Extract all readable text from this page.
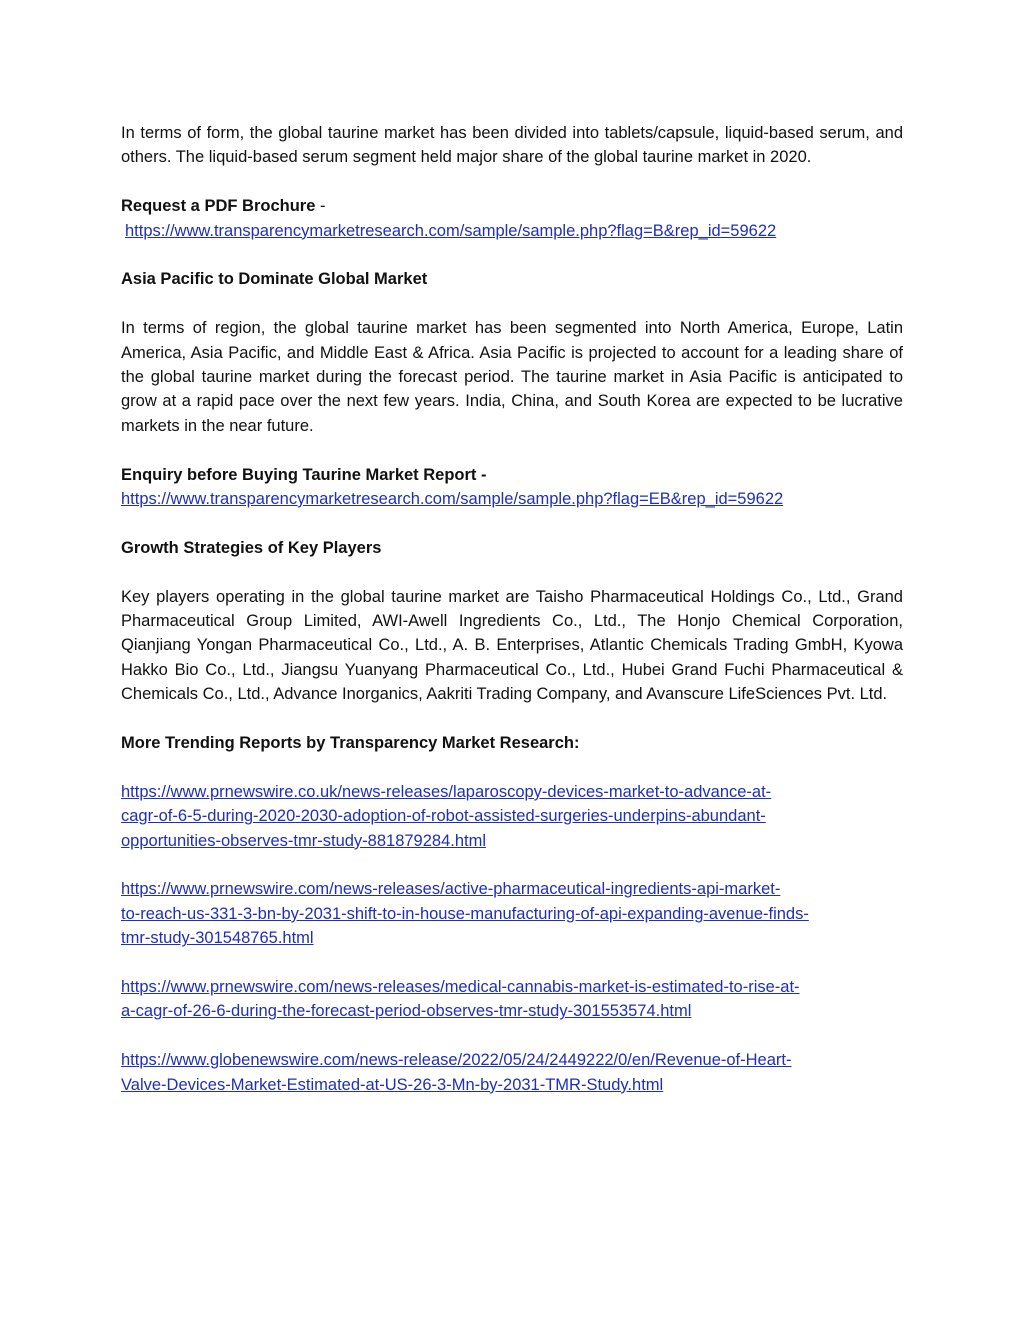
In terms of form, the global taurine market has been divided into tablets/capsule, liquid-based serum, and others. The liquid-based serum segment held major share of the global taurine market in 2020.

Request a PDF Brochure -
https://www.transparencymarketresearch.com/sample/sample.php?flag=B&rep_id=59622

Asia Pacific to Dominate Global Market

In terms of region, the global taurine market has been segmented into North America, Europe, Latin America, Asia Pacific, and Middle East & Africa. Asia Pacific is projected to account for a leading share of the global taurine market during the forecast period. The taurine market in Asia Pacific is anticipated to grow at a rapid pace over the next few years. India, China, and South Korea are expected to be lucrative markets in the near future.

Enquiry before Buying Taurine Market Report -
https://www.transparencymarketresearch.com/sample/sample.php?flag=EB&rep_id=59622

Growth Strategies of Key Players

Key players operating in the global taurine market are Taisho Pharmaceutical Holdings Co., Ltd., Grand Pharmaceutical Group Limited, AWI-Awell Ingredients Co., Ltd., The Honjo Chemical Corporation, Qianjiang Yongan Pharmaceutical Co., Ltd., A. B. Enterprises, Atlantic Chemicals Trading GmbH, Kyowa Hakko Bio Co., Ltd., Jiangsu Yuanyang Pharmaceutical Co., Ltd., Hubei Grand Fuchi Pharmaceutical & Chemicals Co., Ltd., Advance Inorganics, Aakriti Trading Company, and Avanscure LifeSciences Pvt. Ltd.

More Trending Reports by Transparency Market Research:

https://www.prnewswire.co.uk/news-releases/laparoscopy-devices-market-to-advance-at-
cagr-of-6-5-during-2020-2030-adoption-of-robot-assisted-surgeries-underpins-abundant-
opportunities-observes-tmr-study-881879284.html
https://www.prnewswire.com/news-releases/active-pharmaceutical-ingredients-api-market-
to-reach-us-331-3-bn-by-2031-shift-to-in-house-manufacturing-of-api-expanding-avenue-finds-
tmr-study-301548765.html
https://www.prnewswire.com/news-releases/medical-cannabis-market-is-estimated-to-rise-at-
a-cagr-of-26-6-during-the-forecast-period-observes-tmr-study-301553574.html
https://www.globenewswire.com/news-release/2022/05/24/2449222/0/en/Revenue-of-Heart-
Valve-Devices-Market-Estimated-at-US-26-3-Mn-by-2031-TMR-Study.html
